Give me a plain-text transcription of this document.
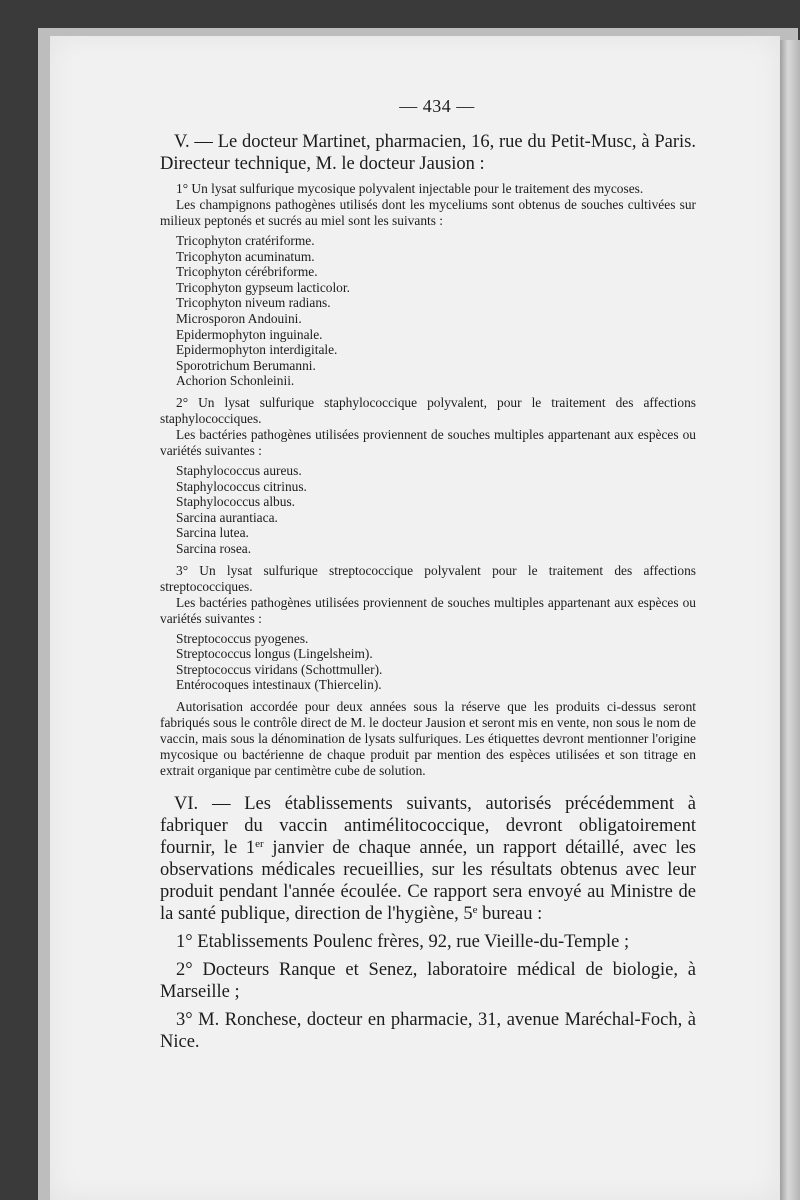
— 434 —

V. — Le docteur Martinet, pharmacien, 16, rue du Petit-Musc, à Paris. Directeur technique, M. le docteur Jausion :

1° Un lysat sulfurique mycosique polyvalent injectable pour le traitement des mycoses.

Les champignons pathogènes utilisés dont les myceliums sont obtenus de souches cultivées sur milieux peptonés et sucrés au miel sont les suivants :

Tricophyton cratériforme.
Tricophyton acuminatum.
Tricophyton cérébriforme.
Tricophyton gypseum lacticolor.
Tricophyton niveum radians.
Microsporon Andouini.
Epidermophyton inguinale.
Epidermophyton interdigitale.
Sporotrichum Berumanni.
Achorion Schonleinii.

2° Un lysat sulfurique staphylococcique polyvalent, pour le traitement des affections staphylococciques.

Les bactéries pathogènes utilisées proviennent de souches multiples appartenant aux espèces ou variétés suivantes :

Staphylococcus aureus.
Staphylococcus citrinus.
Staphylococcus albus.
Sarcina aurantiaca.
Sarcina lutea.
Sarcina rosea.

3° Un lysat sulfurique streptococcique polyvalent pour le traitement des affections streptococciques.

Les bactéries pathogènes utilisées proviennent de souches multiples appartenant aux espèces ou variétés suivantes :

Streptococcus pyogenes.
Streptococcus longus (Lingelsheim).
Streptococcus viridans (Schottmuller).
Entérocoques intestinaux (Thiercelin).

Autorisation accordée pour deux années sous la réserve que les produits ci-dessus seront fabriqués sous le contrôle direct de M. le docteur Jausion et seront mis en vente, non sous le nom de vaccin, mais sous la dénomination de lysats sulfuriques. Les étiquettes devront mentionner l'origine mycosique ou bactérienne de chaque produit par mention des espèces utilisées et son titrage en extrait organique par centimètre cube de solution.

VI. — Les établissements suivants, autorisés précédemment à fabriquer du vaccin antimélitococcique, devront obligatoirement fournir, le 1er janvier de chaque année, un rapport détaillé, avec les observations médicales recueillies, sur les résultats obtenus avec leur produit pendant l'année écoulée. Ce rapport sera envoyé au Ministre de la santé publique, direction de l'hygiène, 5e bureau :

1° Etablissements Poulenc frères, 92, rue Vieille-du-Temple ;

2° Docteurs Ranque et Senez, laboratoire médical de biologie, à Marseille ;

3° M. Ronchese, docteur en pharmacie, 31, avenue Maréchal-Foch, à Nice.
